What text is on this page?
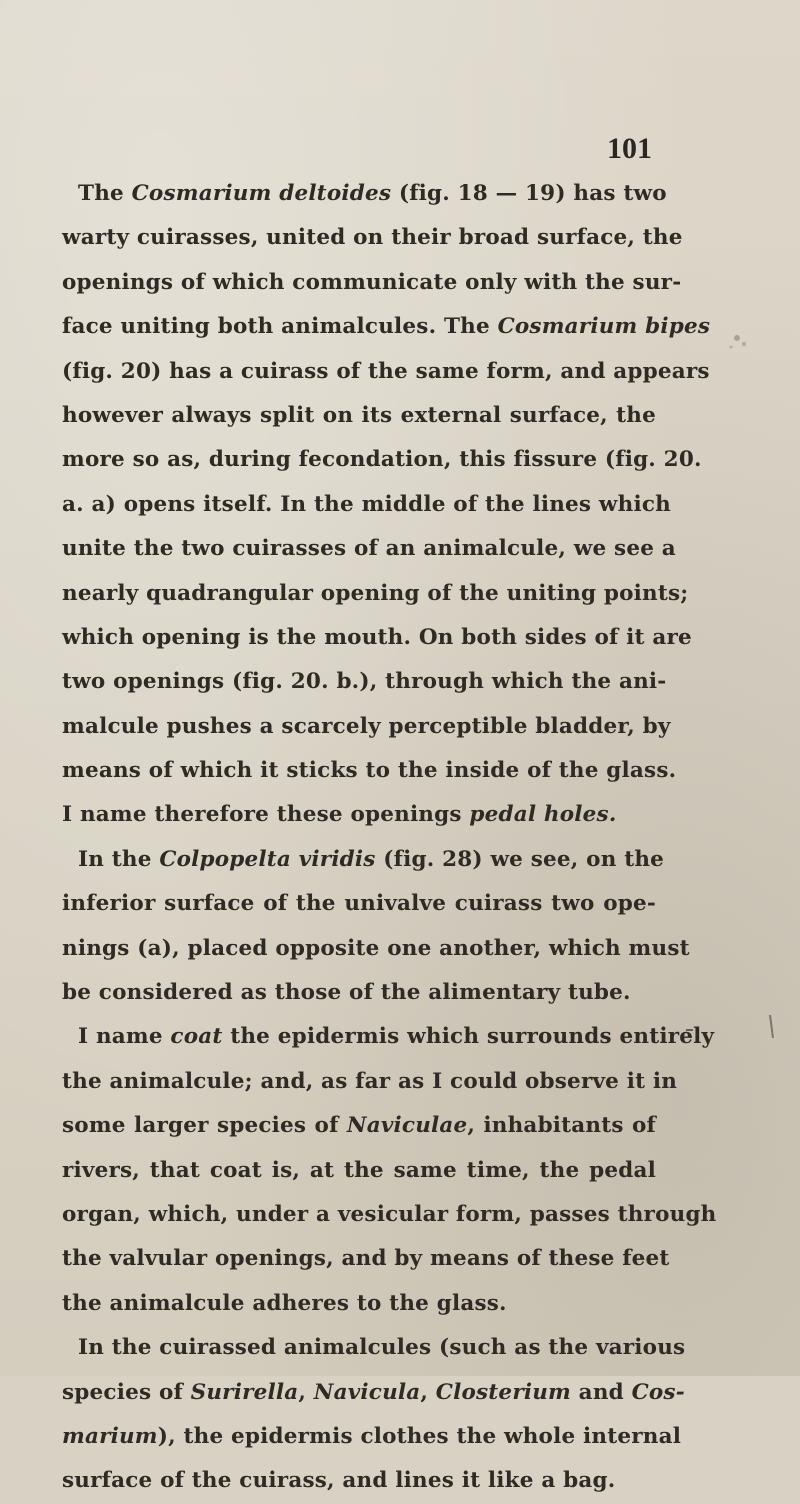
101
The Cosmarium deltoides (fig. 18 — 19) has two
warty cuirasses, united on their broad surface, the
openings of which communicate only with the sur-
face uniting both animalcules. The Cosmarium bipes
(fig. 20) has a cuirass of the same form, and appears
however always split on its external surface, the
more so as, during fecondation, this fissure (fig. 20.
a. a) opens itself. In the middle of the lines which
unite the two cuirasses of an animalcule, we see a
nearly quadrangular opening of the uniting points;
which opening is the mouth. On both sides of it are
two openings (fig. 20. b.), through which the ani-
malcule pushes a scarcely perceptible bladder, by
means of which it sticks to the inside of the glass.
I name therefore these openings pedal holes.
In the Colpopelta viridis (fig. 28) we see, on the
inferior surface of the univalve cuirass two ope-
nings (a), placed opposite one another, which must
be considered as those of the alimentary tube.
I name coat the epidermis which surrounds entirely
the animalcule; and, as far as I could observe it in
some larger species of Naviculae, inhabitants of
rivers, that coat is, at the same time, the pedal
organ, which, under a vesicular form, passes through
the valvular openings, and by means of these feet
the animalcule adheres to the glass.
In the cuirassed animalcules (such as the various
species of Surirella, Navicula, Closterium and Cos-
marium), the epidermis clothes the whole internal
surface of the cuirass, and lines it like a bag.
